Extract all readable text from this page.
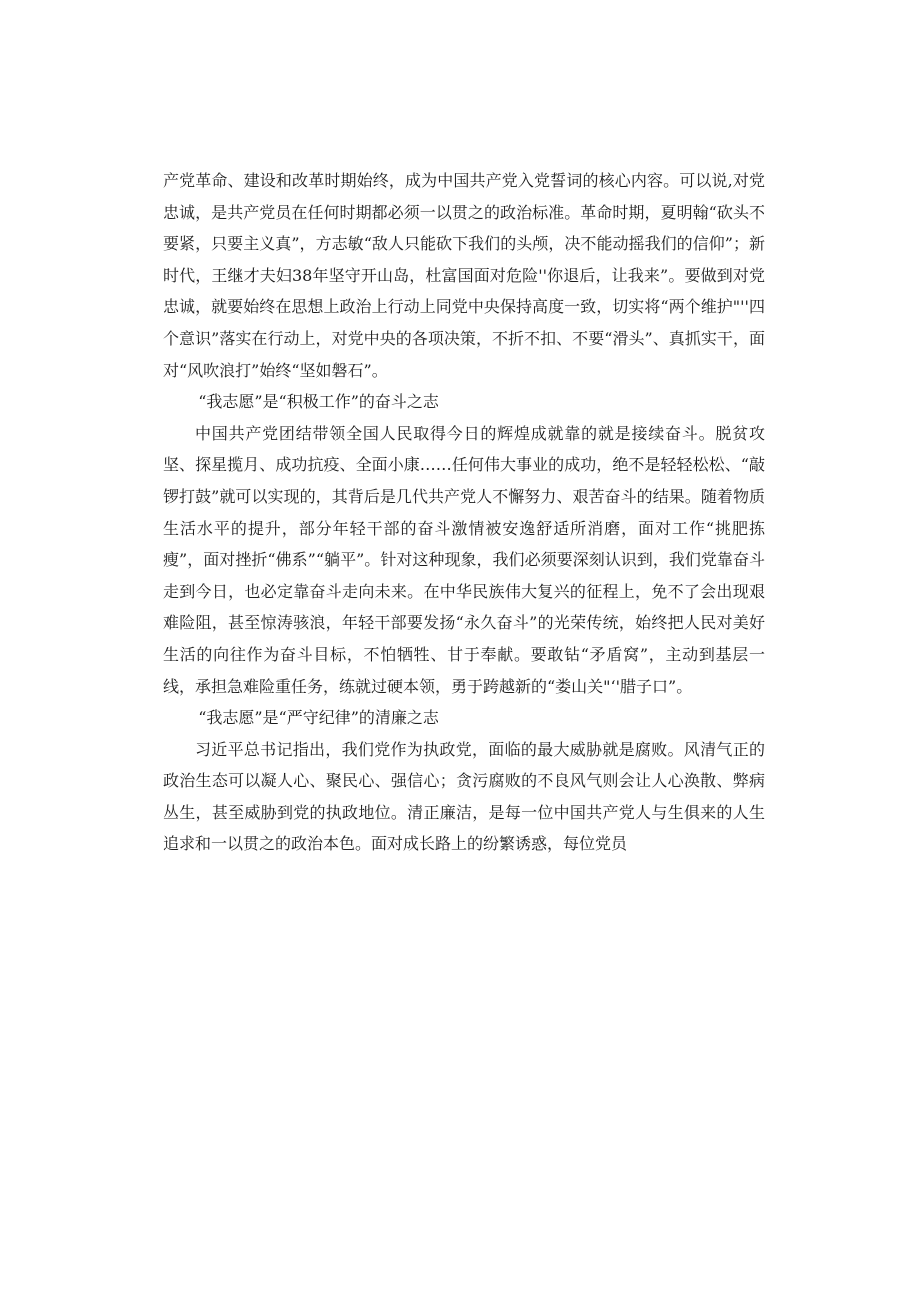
产党革命、建设和改革时期始终，成为中国共产党入党誓词的核心内容。可以说,对党忠诚，是共产党员在任何时期都必须一以贯之的政治标准。革命时期，夏明翰“砍头不要紧，只要主义真”，方志敏“敌人只能砍下我们的头颅，决不能动摇我们的信仰”；新时代，王继才夫妇38年坚守开山岛，杜富国面对危险''你退后，让我来”。要做到对党忠诚，就要始终在思想上政治上行动上同党中央保持高度一致，切实将“两个维护"''四个意识”落实在行动上，对党中央的各项决策，不折不扣、不要“滑头”、真抓实干，面对“风吹浪打”始终“坚如磐石”。

“我志愿”是“积极工作”的奋斗之志

中国共产党团结带领全国人民取得今日的辉煌成就靠的就是接续奋斗。脱贫攻坚、探星揽月、成功抗疫、全面小康……任何伟大事业的成功，绝不是轻轻松松、“敲锣打鼓”就可以实现的，其背后是几代共产党人不懈努力、艰苦奋斗的结果。随着物质生活水平的提升，部分年轻干部的奋斗激情被安逸舒适所消磨，面对工作“挑肥拣瘦”，面对挫折“佛系”“躺平”。针对这种现象，我们必须要深刻认识到，我们党靠奋斗走到今日，也必定靠奋斗走向未来。在中华民族伟大复兴的征程上，免不了会出现艰难险阻，甚至惊涛骇浪，年轻干部要发扬“永久奋斗”的光荣传统，始终把人民对美好生活的向往作为奋斗目标，不怕牺牲、甘于奉献。要敢钻“矛盾窝”，主动到基层一线，承担急难险重任务，练就过硬本领，勇于跨越新的“娄山关"‘'腊子口”。

“我志愿”是“严守纪律”的清廉之志

习近平总书记指出，我们党作为执政党，面临的最大威胁就是腐败。风清气正的政治生态可以凝人心、聚民心、强信心；贪污腐败的不良风气则会让人心涣散、弊病丛生，甚至威胁到党的执政地位。清正廉洁，是每一位中国共产党人与生俱来的人生追求和一以贯之的政治本色。面对成长路上的纷繁诱惑，每位党员
